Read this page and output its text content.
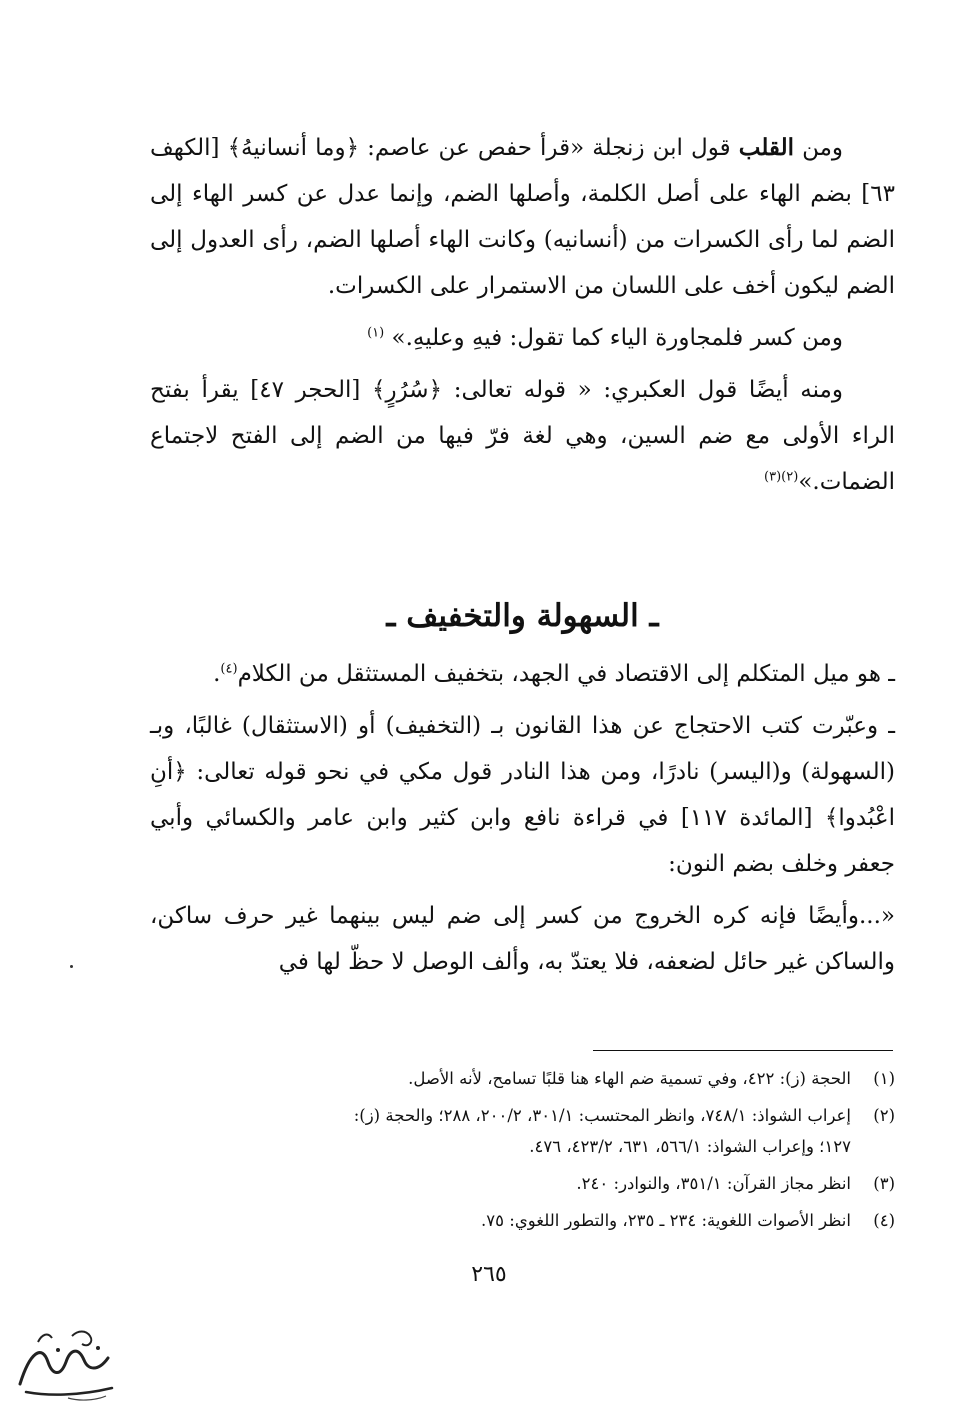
ومن القلب قول ابن زنجلة «قرأ حفص عن عاصم: ﴿وما أنسانيهُ﴾ [الكهف ٦٣] بضم الهاء على أصل الكلمة، وأصلها الضم، وإنما عدل عن كسر الهاء إلى الضم لما رأى الكسرات من (أنسانيه) وكانت الهاء أصلها الضم، رأى العدول إلى الضم ليكون أخف على اللسان من الاستمرار على الكسرات.

ومن كسر فلمجاورة الياء كما تقول: فيهِ وعليهِ.» $^{(١)}$

ومنه أيضًا قول العكبري: « قوله تعالى: ﴿سُرُرٍ﴾ [الحجر ٤٧] يقرأ بفتح الراء الأولى مع ضم السين، وهي لغة فرّ فيها من الضم إلى الفتح لاجتماع الضمات.»$^{(٢)(٣)}$

ـ السهولة والتخفيف ـ

ـ هو ميل المتكلم إلى الاقتصاد في الجهد، بتخفيف المستثقل من الكلام$^{(٤)}$.

ـ وعبّرت كتب الاحتجاج عن هذا القانون بـ (التخفيف) أو (الاستثقال) غالبًا، وبـ (السهولة) و(اليسر) نادرًا، ومن هذا النادر قول مكي في نحو قوله تعالى: ﴿أنِ اعْبُدوا﴾ [المائدة ١١٧] في قراءة نافع وابن كثير وابن عامر والكسائي وأبي جعفر وخلف بضم النون:

«...وأيضًا فإنه كره الخروج من كسر إلى ضم ليس بينهما غير حرف ساكن، والساكن غير حائل لضعفه، فلا يعتدّ به، وألف الوصل لا حظّ لها في

(١)الحجة (ز): ٤٢٢، وفي تسمية ضم الهاء هنا قلبًا تسامح، لأنه الأصل.
(٢)إعراب الشواذ: ٧٤٨/١، وانظر المحتسب: ٣٠١/١، ٢٠٠/٢، ٢٨٨؛ والحجة (ز):
١٢٧؛ وإعراب الشواذ: ٥٦٦/١، ٦٣١، ٤٢٣/٢، ٤٧٦.
(٣)انظر مجاز القرآن: ٣٥١/١، والنوادر: ٢٤٠.
(٤)انظر الأصوات اللغوية: ٢٣٤ ـ ٢٣٥، والتطور اللغوي: ٧٥.
٢٦٥
